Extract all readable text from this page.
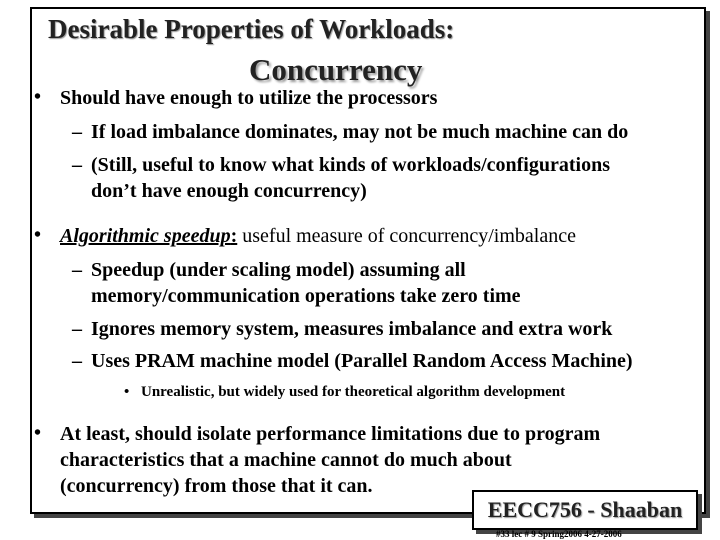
Desirable Properties of Workloads:
Concurrency
• Should have enough to utilize the processors
– If load imbalance dominates, may not be much machine can do
– (Still, useful to know what kinds of workloads/configurations
don’t have enough concurrency)
• Algorithmic speedup: useful measure of concurrency/imbalance
– Speedup (under scaling model) assuming all
memory/communication operations take zero time
– Ignores memory system, measures imbalance and extra work
– Uses PRAM machine model (Parallel Random Access Machine)
• Unrealistic, but widely used for theoretical algorithm development
• At least, should isolate performance limitations due to program
characteristics that a machine cannot do much about
(concurrency) from those that it can.
EECC756 - Shaaban
#33 lec # 9 Spring2006 4-27-2006
